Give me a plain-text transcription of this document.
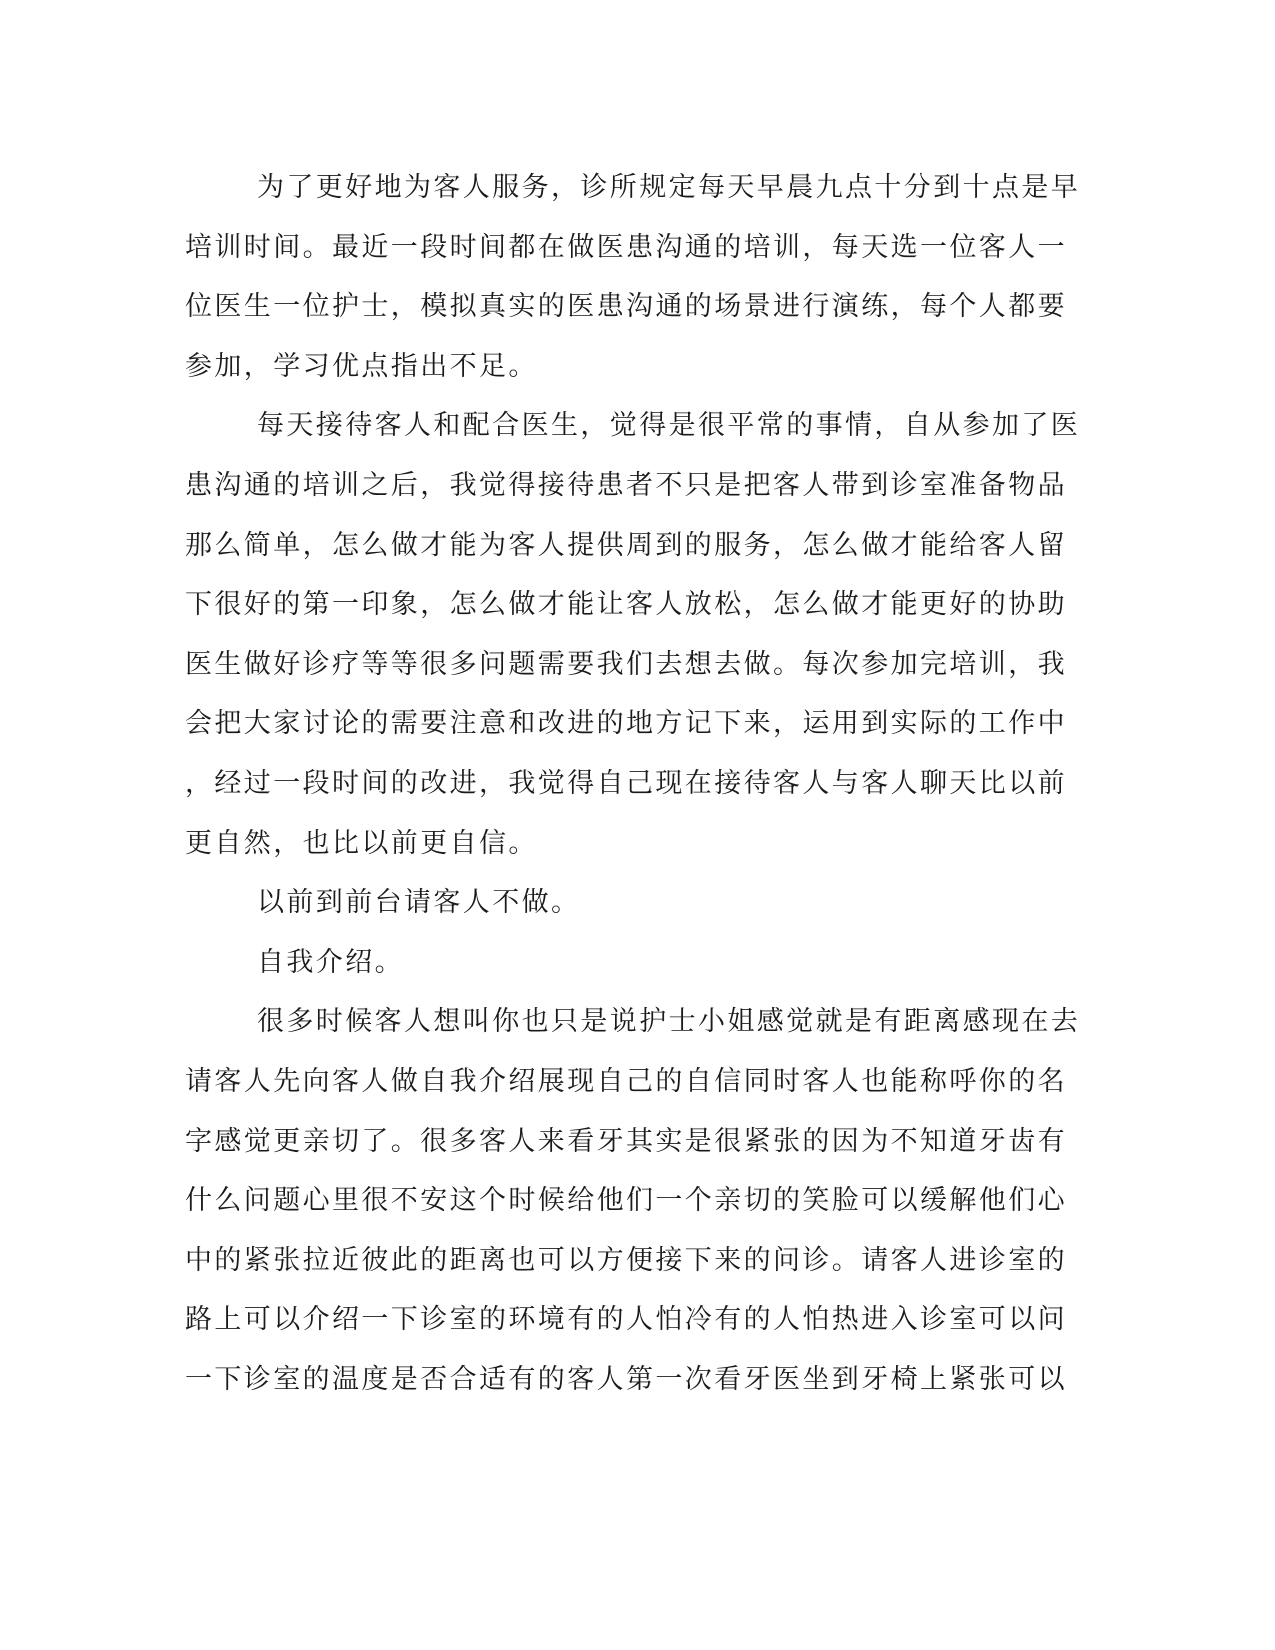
为了更好地为客人服务，诊所规定每天早晨九点十分到十点是早
培训时间。最近一段时间都在做医患沟通的培训，每天选一位客人一
位医生一位护士，模拟真实的医患沟通的场景进行演练，每个人都要
参加，学习优点指出不足。
每天接待客人和配合医生，觉得是很平常的事情，自从参加了医
患沟通的培训之后，我觉得接待患者不只是把客人带到诊室准备物品
那么简单，怎么做才能为客人提供周到的服务，怎么做才能给客人留
下很好的第一印象，怎么做才能让客人放松，怎么做才能更好的协助
医生做好诊疗等等很多问题需要我们去想去做。每次参加完培训，我
会把大家讨论的需要注意和改进的地方记下来，运用到实际的工作中
，经过一段时间的改进，我觉得自己现在接待客人与客人聊天比以前
更自然，也比以前更自信。
以前到前台请客人不做。
自我介绍。
很多时候客人想叫你也只是说护士小姐感觉就是有距离感现在去
请客人先向客人做自我介绍展现自己的自信同时客人也能称呼你的名
字感觉更亲切了。很多客人来看牙其实是很紧张的因为不知道牙齿有
什么问题心里很不安这个时候给他们一个亲切的笑脸可以缓解他们心
中的紧张拉近彼此的距离也可以方便接下来的问诊。请客人进诊室的
路上可以介绍一下诊室的环境有的人怕冷有的人怕热进入诊室可以问
一下诊室的温度是否合适有的客人第一次看牙医坐到牙椅上紧张可以
